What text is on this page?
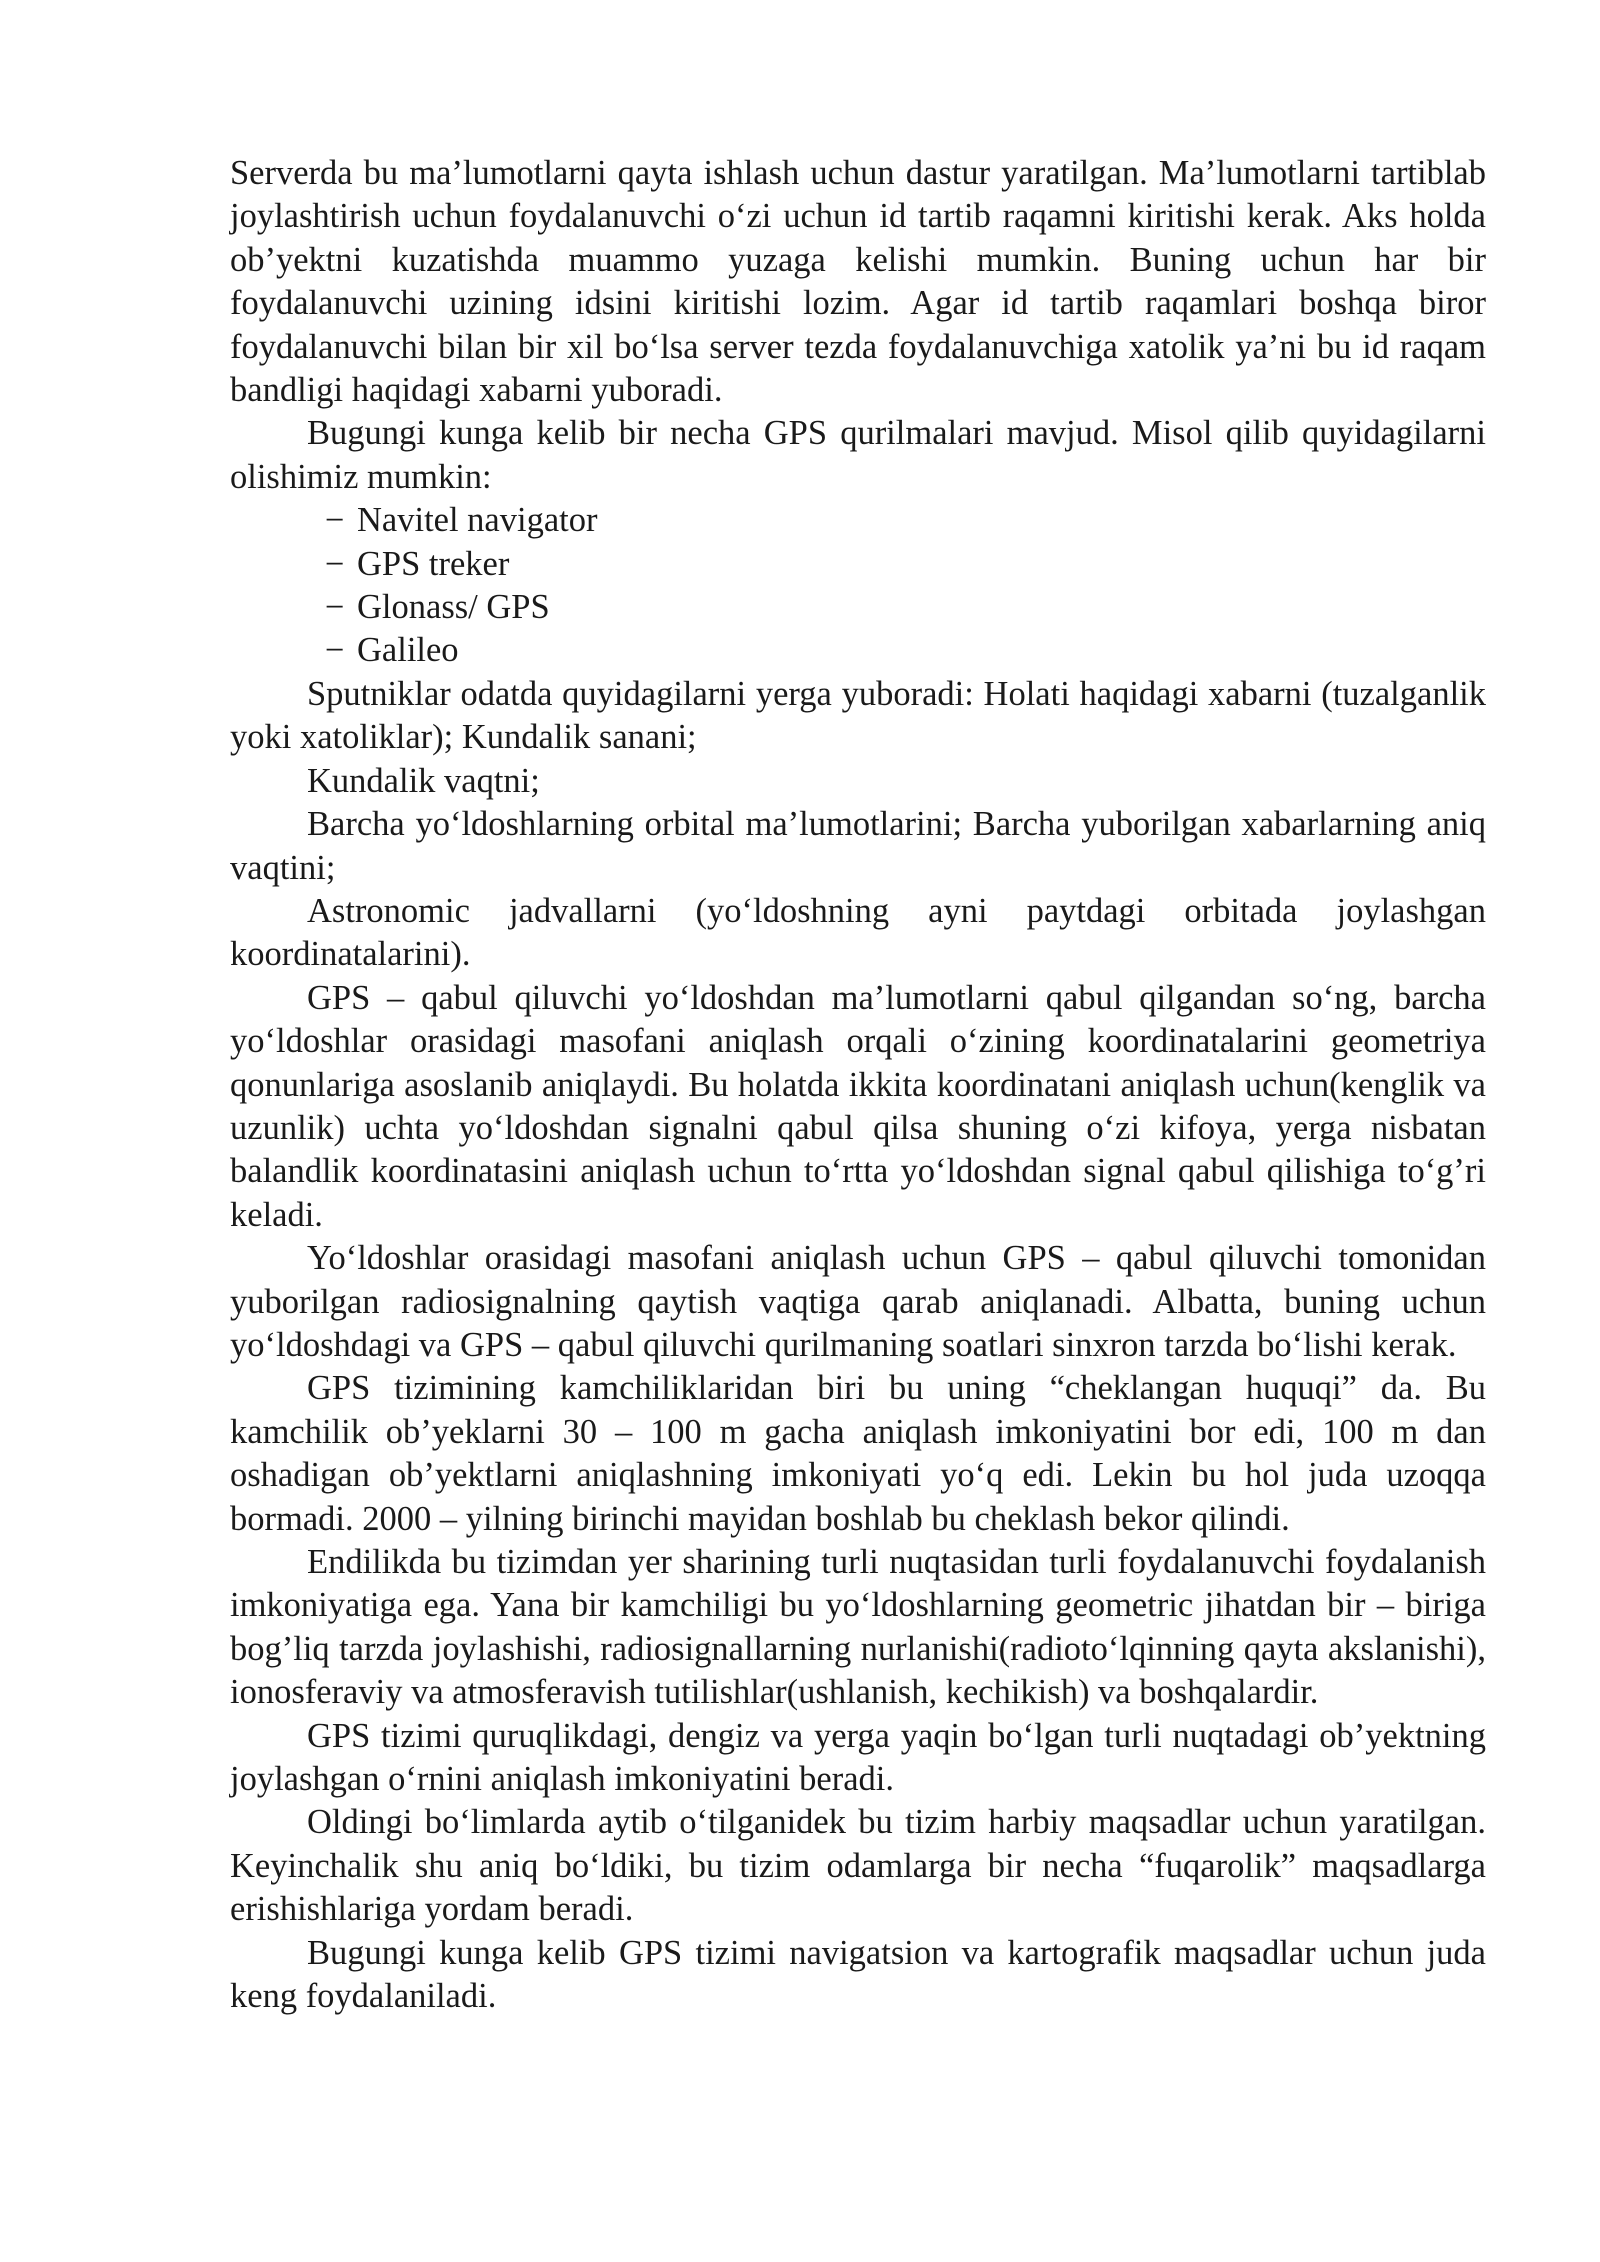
Serverda bu ma’lumotlarni qayta ishlash uchun dastur yaratilgan. Ma’lumotlarni tartiblab joylashtirish uchun foydalanuvchi o‘zi uchun id tartib raqamni kiritishi kerak. Aks holda ob’yektni kuzatishda muammo yuzaga kelishi mumkin. Buning uchun har bir foydalanuvchi uzining idsini kiritishi lozim. Agar id tartib raqamlari boshqa biror foydalanuvchi bilan bir xil bo‘lsa server tezda foydalanuvchiga xatolik ya’ni bu id raqam bandligi haqidagi xabarni yuboradi.

Bugungi kunga kelib bir necha GPS qurilmalari mavjud. Misol qilib quyidagilarni olishimiz mumkin:

− Navitel navigator
− GPS treker
− Glonass/ GPS
− Galileo

Sputniklar odatda quyidagilarni yerga yuboradi: Holati haqidagi xabarni (tuzalganlik yoki xatoliklar); Kundalik sanani;

Kundalik vaqtni;

Barcha yo‘ldoshlarning orbital ma’lumotlarini; Barcha yuborilgan xabarlarning aniq vaqtini;

Astronomic jadvallarni (yo‘ldoshning ayni paytdagi orbitada joylashgan koordinatalarini).

GPS – qabul qiluvchi yo‘ldoshdan ma’lumotlarni qabul qilgandan so‘ng, barcha yo‘ldoshlar orasidagi masofani aniqlash orqali o‘zining koordinatalarini geometriya qonunlariga asoslanib aniqlaydi. Bu holatda ikkita koordinatani aniqlash uchun(kenglik va uzunlik) uchta yo‘ldoshdan signalni qabul qilsa shuning o‘zi kifoya, yerga nisbatan balandlik koordinatasini aniqlash uchun to‘rtta yo‘ldoshdan signal qabul qilishiga to‘g’ri keladi.

Yo‘ldoshlar orasidagi masofani aniqlash uchun GPS – qabul qiluvchi tomonidan yuborilgan radiosignalning qaytish vaqtiga qarab aniqlanadi. Albatta, buning uchun yo‘ldoshdagi va GPS – qabul qiluvchi qurilmaning soatlari sinxron tarzda bo‘lishi kerak.

GPS tizimining kamchiliklaridan biri bu uning “cheklangan huquqi” da. Bu kamchilik ob’yeklarni 30 – 100 m gacha aniqlash imkoniyatini bor edi, 100 m dan oshadigan ob’yektlarni aniqlashning imkoniyati yo‘q edi. Lekin bu hol juda uzoqqa bormadi. 2000 – yilning birinchi mayidan boshlab bu cheklash bekor qilindi.

Endilikda bu tizimdan yer sharining turli nuqtasidan turli foydalanuvchi foydalanish imkoniyatiga ega. Yana bir kamchiligi bu yo‘ldoshlarning geometric jihatdan bir – biriga bog’liq tarzda joylashishi, radiosignallarning nurlanishi(radioto‘lqinning qayta akslanishi), ionosferaviy va atmosferavish tutilishlar(ushlanish, kechikish) va boshqalardir.

GPS tizimi quruqlikdagi, dengiz va yerga yaqin bo‘lgan turli nuqtadagi ob’yektning joylashgan o‘rnini aniqlash imkoniyatini beradi.

Oldingi bo‘limlarda aytib o‘tilganidek bu tizim harbiy maqsadlar uchun yaratilgan. Keyinchalik shu aniq bo‘ldiki, bu tizim odamlarga bir necha “fuqarolik” maqsadlarga erishishlariga yordam beradi.

Bugungi kunga kelib GPS tizimi navigatsion va kartografik maqsadlar uchun juda keng foydalaniladi.
